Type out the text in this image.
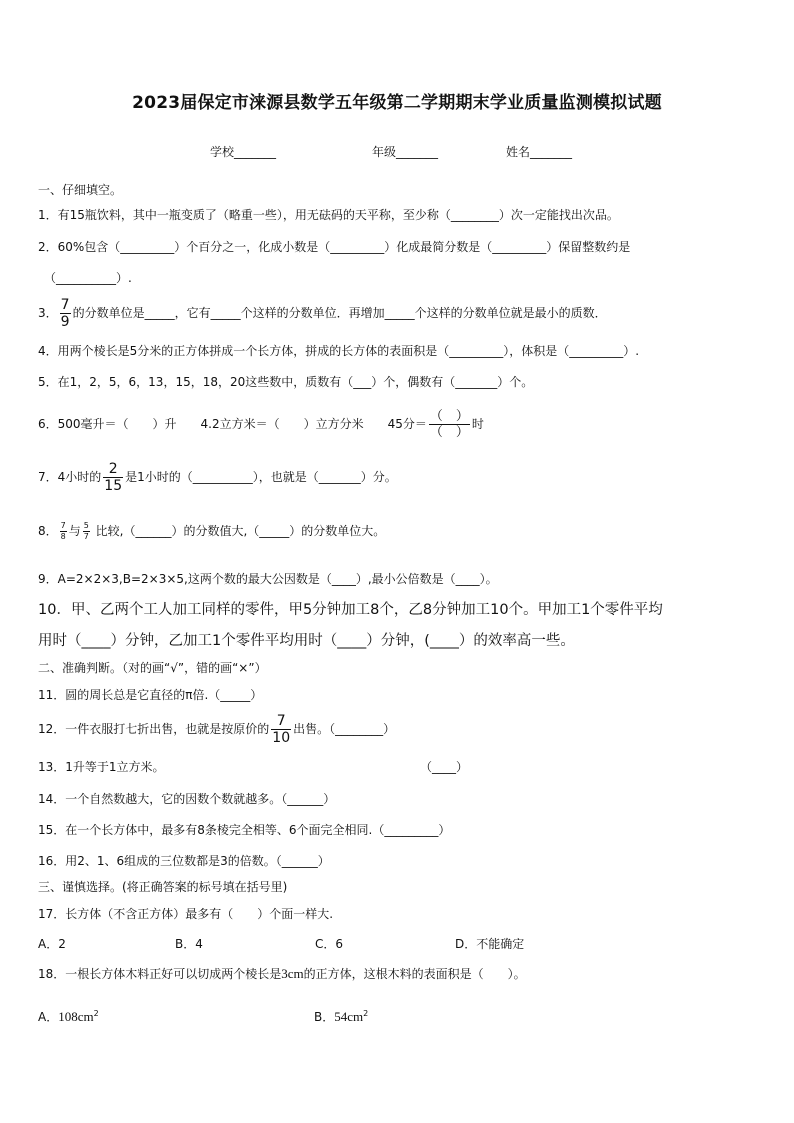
2023届保定市涞源县数学五年级第二学期期末学业质量监测模拟试题
学校_______	年级_______	姓名_______
一、仔细填空。
1．有15瓶饮料，其中一瓶变质了（略重一些），用无砝码的天平称，至少称（________）次一定能找出次品。
2．60%包含（_________）个百分之一，化成小数是（_________）化成最简分数是（_________）保留整数约是
（__________）.
3． $\frac{7}{9}$ 的分数单位是_____，它有_____个这样的分数单位．再增加_____个这样的分数单位就是最小的质数．
4．用两个棱长是5分米的正方体拼成一个长方体，拼成的长方体的表面积是（_________），体积是（_________）.
5．在1，2，5，6，13，15，18，20这些数中，质数有（___）个，偶数有（_______）个。
6．500毫升＝（　　）升　　4.2立方米＝（　　）立方分米　　45分＝ $\frac{( )}{( )}$ 时
7．4小时的 $\frac{2}{15}$ 是1小时的（__________），也就是（_______）分。
8． $\frac{7}{8}$ 与 $\frac{5}{7}$ 比较,（______）的分数值大,（_____）的分数单位大。
9．A=2×2×3,B=2×3×5,这两个数的最大公因数是（____）,最小公倍数是（____）。
10．甲、乙两个工人加工同样的零件，甲5分钟加工8个，乙8分钟加工10个。甲加工1个零件平均
用时（____）分钟，乙加工1个零件平均用时（____）分钟，(____）的效率高一些。
二、准确判断。（对的画“√”，错的画“×”）
11．圆的周长总是它直径的π倍.（_____）
12．一件衣服打七折出售，也就是按原价的 $\frac{7}{10}$ 出售。（________）
13．1升等于1立方米。	（____）
14．一个自然数越大，它的因数个数就越多。（______）
15．在一个长方体中，最多有8条棱完全相等、6个面完全相同.（_________）
16．用2、1、6组成的三位数都是3的倍数。（______）
三、谨慎选择。(将正确答案的标号填在括号里)
17．长方体（不含正方体）最多有（　　）个面一样大.
A．2	B．4	C．6	D．不能确定
18．一根长方体木料正好可以切成两个棱长是3cm的正方体，这根木料的表面积是（　　）。
A．$108cm^2$	B．$54cm^2$
